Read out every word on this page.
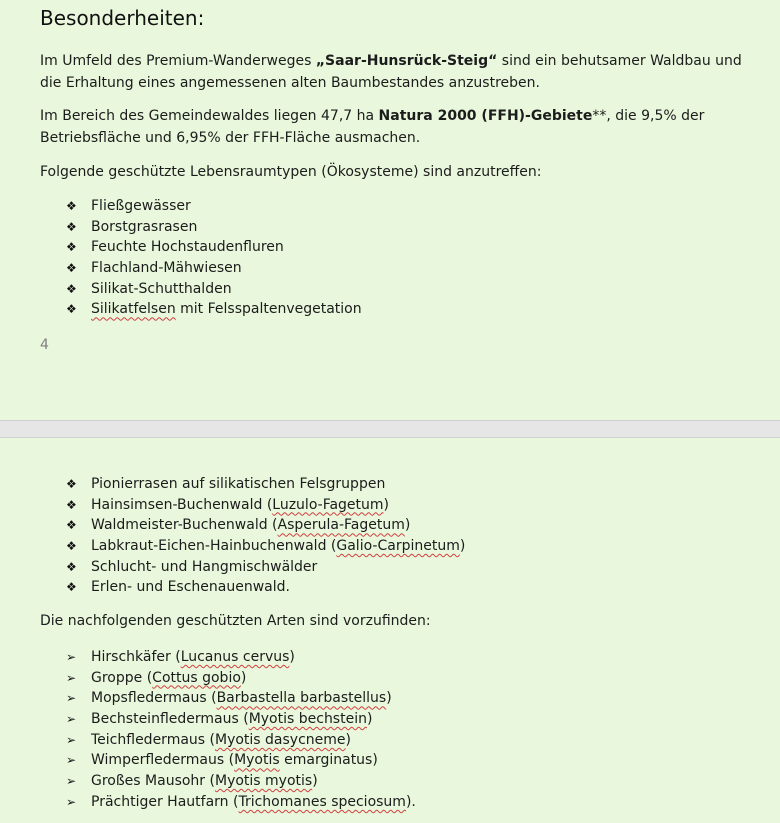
Besonderheiten:

Im Umfeld des Premium-Wanderweges „Saar-Hunsrück-Steig“ sind ein behutsamer Waldbau und die Erhaltung eines angemessenen alten Baumbestandes anzustreben.

Im Bereich des Gemeindewaldes liegen 47,7 ha Natura 2000 (FFH)-Gebiete**, die 9,5% der Betriebsfläche und 6,95% der FFH-Fläche ausmachen.

Folgende geschützte Lebensraumtypen (Ökosysteme) sind anzutreffen:

❖ Fließgewässer
❖ Borstgrasrasen
❖ Feuchte Hochstaudenfluren
❖ Flachland-Mähwiesen
❖ Silikat-Schutthalden
❖ Silikatfelsen mit Felsspaltenvegetation
4
❖ Pionierrasen auf silikatischen Felsgruppen
❖ Hainsimsen-Buchenwald (Luzulo-Fagetum)
❖ Waldmeister-Buchenwald (Asperula-Fagetum)
❖ Labkraut-Eichen-Hainbuchenwald (Galio-Carpinetum)
❖ Schlucht- und Hangmischwälder
❖ Erlen- und Eschenauenwald.

Die nachfolgenden geschützten Arten sind vorzufinden:

➢ Hirschkäfer (Lucanus cervus)
➢ Groppe (Cottus gobio)
➢ Mopsfledermaus (Barbastella barbastellus)
➢ Bechsteinfledermaus (Myotis bechstein)
➢ Teichfledermaus (Myotis dasycneme)
➢ Wimperfledermaus (Myotis emarginatus)
➢ Großes Mausohr (Myotis myotis)
➢ Prächtiger Hautfarn (Trichomanes speciosum).
